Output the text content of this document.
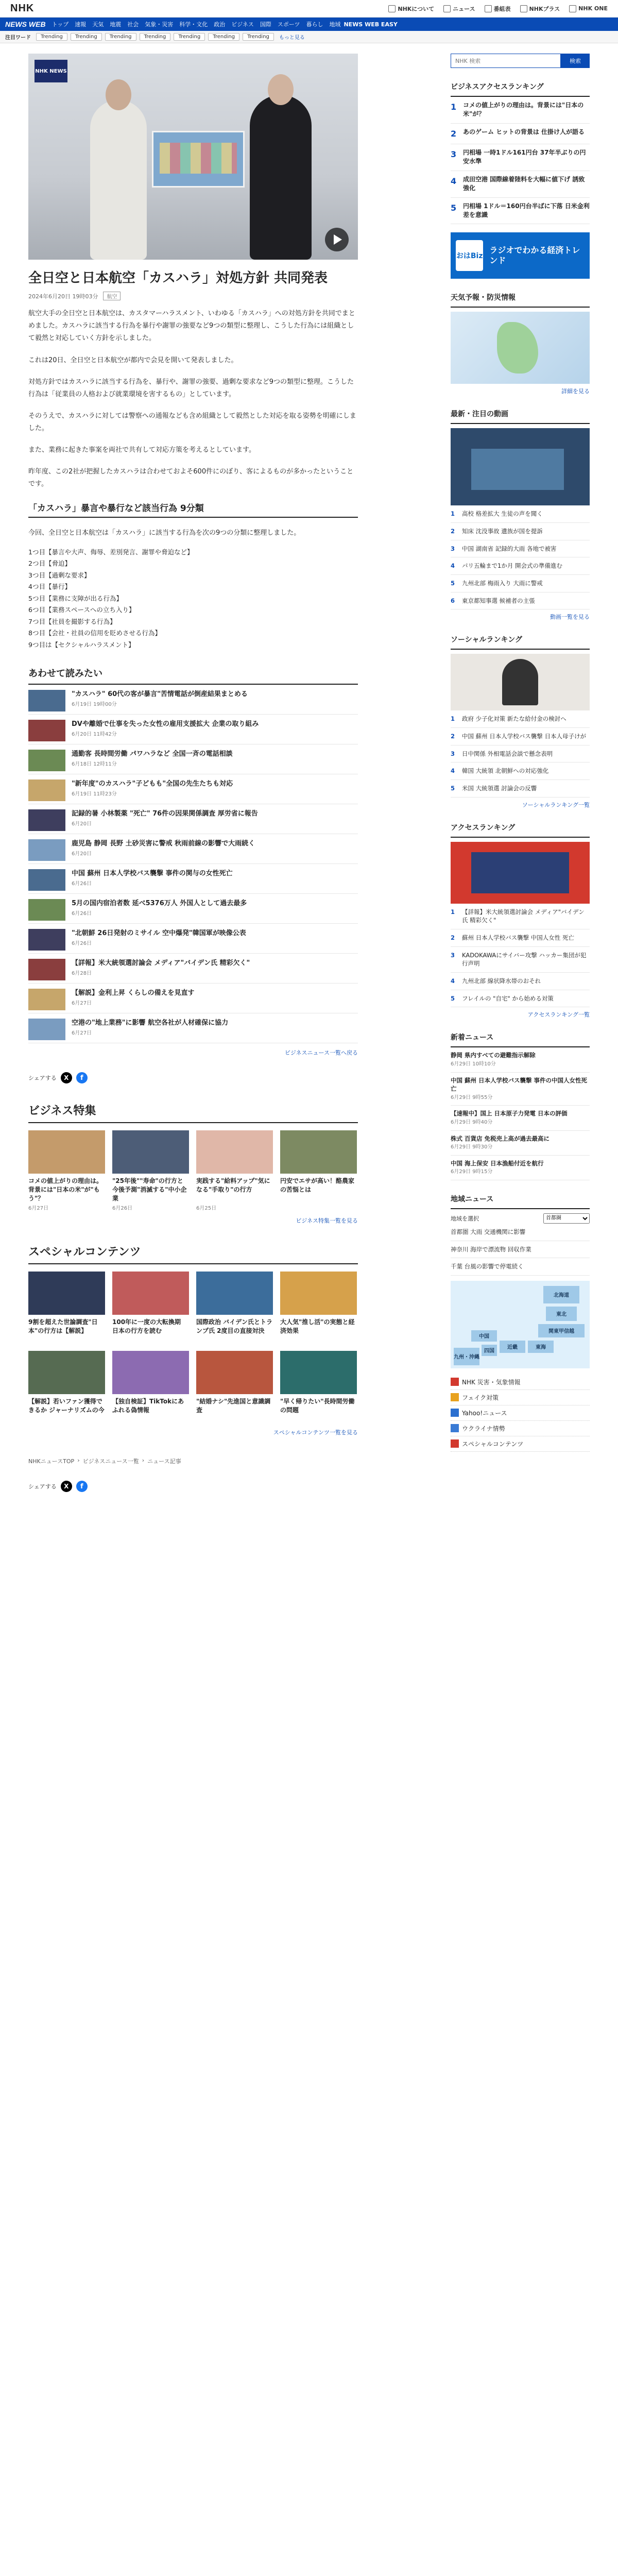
NHK	NHKについて	ニュース	番組表	NHKプラス	NHK ONE
NEWS WEB トップ 速報 天気 地震 社会 気象・災害 科学・文化 政治 ビジネス 国際 スポーツ 暮らし 地域 NEWS WEB EASY
注目ワード	Trending	Trending	Trending	Trending	Trending	Trending	Trending	もっと見る
NHK NEWS
全日空と日本航空「カスハラ」対処方針 共同発表
2024年6月20日 19時03分	航空

航空大手の全日空と日本航空は、カスタマーハラスメント、いわゆる「カスハラ」への対処方針を共同でまとめました。カスハラに該当する行為を暴行や謝罪の強要など9つの類型に整理し、こうした行為には組織として毅然と対応していく方針を示しました。

これは20日、全日空と日本航空が都内で会見を開いて発表しました。

対処方針ではカスハラに該当する行為を、暴行や、謝罪の強要、過剰な要求など9つの類型に整理。こうした行為は「従業員の人格および就業環境を害するもの」としています。

そのうえで、カスハラに対しては警察への通報なども含め組織として毅然とした対応を取る姿勢を明確にしました。

また、業務に起きた事案を両社で共有して対応方策を考えるとしています。

昨年度、この2社が把握したカスハラは合わせておよそ600件にのぼり、客によるものが多かったということです。

「カスハラ」暴言や暴行など該当行為 9分類

今回、全日空と日本航空は「カスハラ」に該当する行為を次の9つの分類に整理しました。

1つ目【暴言や大声、侮辱、差別発言、謝罪や脅迫など】

2つ目【脅迫】

3つ目【過剰な要求】

4つ目【暴行】

5つ目【業務に支障が出る行為】

6つ目【業務スペースへの立ち入り】

7つ目【社員を撮影する行為】

8つ目【会社・社員の信用を貶めさせる行為】

9つ目は【セクシャルハラスメント】

あわせて読みたい
"カスハラ" 60代の客が暴言"苦情電話が倒産結果まとめる
6月19日 19時00分
DVや離婚で仕事を失った女性の雇用支援拡大 企業の取り組み
6月20日 11時42分
通勤客 長時間労働 パワハラなど 全国一斉の電話相談
6月18日 12時11分
"新年度"のカスハラ"子どもも"全国の先生たちも対応
6月19日 11時23分
記録的暑 小林製薬 "死亡" 76件の因果関係調査 厚労省に報告
6月20日
鹿児島 静岡 長野 土砂災害に警戒 秋雨前線の影響で大雨続く
6月20日
中国 蘇州 日本人学校バス襲撃 事件の関与の女性死亡
6月26日
5月の国内宿泊者数 延べ5376万人 外国人として過去最多
6月26日
"北朝鮮 26日発射のミサイル 空中爆発"韓国軍が映像公表
6月26日
【詳報】米大統領選討論会 メディア"バイデン氏 精彩欠く"
6月28日
【解説】金利上昇 くらしの備えを見直す
6月27日
空港の"地上業務"に影響 航空各社が人材確保に協力
6月27日
ビジネスニュース一覧へ戻る
シェアする	X	f
ビジネス特集
コメの値上がりの理由は。背景には"日本の米"が"もう"？
6月27日
"25年後""寿命"の行方と今後予測"消滅する"中小企業
6月26日
実践する"給料アップ"気になる"手取り"の行方
6月25日
円安でエサが高い！酪農家の苦悩とは
ビジネス特集一覧を見る
スペシャルコンテンツ
9割を超えた世論調査"日本"の行方は【解説】
100年に一度の大転換期 日本の行方を読む
国際政治 バイデン氏とトランプ氏 2度目の直接対決
大人気"推し活"の実態と経済効果
【解説】若いファン獲得できるか ジャーナリズムの今
【独自検証】TikTokにあふれる偽情報
"結婚ナシ"先進国と意識調査
"早く帰りたい"長時間労働の問題
スペシャルコンテンツ一覧を見る
NHKニュースTOP › ビジネスニュース一覧 › ニュース記事
シェアする	X	f
NHK 検索
検索
ビジネスアクセスランキング
1	コメの値上がりの理由は。背景には"日本の米"が？
2	あのゲーム ヒットの背景は 仕掛け人が語る
3	円相場 一時1ドル161円台 37年半ぶりの円安水準
4	成田空港 国際線着陸料を大幅に値下げ 誘致強化
5	円相場 1ドル＝160円台半ばに下落 日米金利差を意識
おはBiz
ラジオでわかる経済トレンド
天気予報・防災情報
詳細を見る
最新・注目の動画
1	高校 格差拡大 生徒の声を聞く
2	知床 沈没事故 遺族が国を提訴
3	中国 湖南省 記録的大雨 各地で被害
4	パリ五輪まで1か月 開会式の準備進む
5	九州北部 梅雨入り 大雨に警戒
6	東京都知事選 候補者の主張
動画一覧を見る
ソーシャルランキング
1	政府 少子化対策 新たな給付金の検討へ
2	中国 蘇州 日本人学校バス襲撃 日本人母子けが
3	日中関係 外相電話会談で懸念表明
4	韓国 大統領 北朝鮮への対応強化
5	米国 大統領選 討論会の反響
ソーシャルランキング一覧
アクセスランキング
1	【詳報】米大統領選討論会 メディア"バイデン氏 精彩欠く"
2	蘇州 日本人学校バス襲撃 中国人女性 死亡
3	KADOKAWAにサイバー攻撃 ハッカー集団が犯行声明
4	九州北部 線状降水帯のおそれ
5	フレイルの "自宅" から始める対策
アクセスランキング一覧
新着ニュース
静岡 県内すべての避難指示解除
6月29日 10時10分
中国 蘇州 日本人学校バス襲撃 事件の中国人女性死亡
6月29日 9時55分
【速報中】国上 日本原子力発電 日本の評価
6月29日 9時40分
株式 百貨店 免税売上高が過去最高に
6月29日 9時30分
中国 海上保安 日本漁船付近を航行
6月29日 9時15分
地域ニュース
地域を選択
首都圏
首都圏 大雨 交通機関に影響
神奈川 海岸で漂流物 回収作業
千葉 台風の影響で停電続く
北海道
東北
関東甲信越
東海
近畿
中国
四国
九州・沖縄
NHK 災害・気象情報
フェイク対策
Yahoo!ニュース
ウクライナ情勢
スペシャルコンテンツ
